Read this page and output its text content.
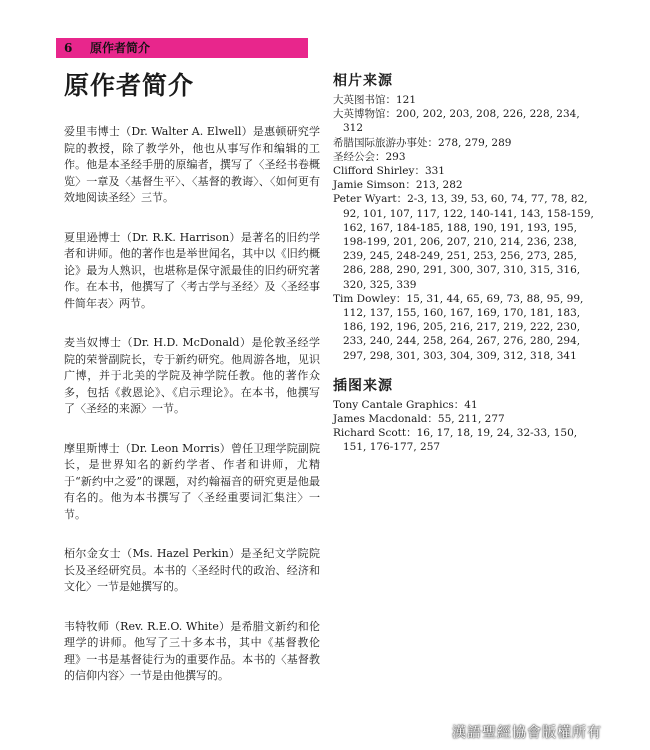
6 原作者简介
原作者简介

爱里韦博士（Dr. Walter A. Elwell）是惠顿研究学院的教授，除了教学外，他也从事写作和编辑的工作。他是本圣经手册的原编者，撰写了〈圣经书卷概览〉一章及〈基督生平〉、〈基督的教诲〉、〈如何更有效地阅读圣经〉三节。

夏里逊博士（Dr. R.K. Harrison）是著名的旧约学者和讲师。他的著作也是举世闻名，其中以《旧约概论》最为人熟识，也堪称是保守派最佳的旧约研究著作。在本书，他撰写了〈考古学与圣经〉及〈圣经事件简年表〉两节。

麦当奴博士（Dr. H.D. McDonald）是伦敦圣经学院的荣誉副院长，专于新约研究。他周游各地，见识广博，并于北美的学院及神学院任教。他的著作众多，包括《救恩论》、《启示理论》。在本书，他撰写了〈圣经的来源〉一节。

摩里斯博士（Dr. Leon Morris）曾任卫理学院副院长，是世界知名的新约学者、作者和讲师，尤精于“新约中之爱”的课题，对约翰福音的研究更是他最有名的。他为本书撰写了〈圣经重要词汇集注〉一节。

栢尔金女士（Ms. Hazel Perkin）是圣纪文学院院长及圣经研究员。本书的〈圣经时代的政治、经济和文化〉一节是她撰写的。

韦特牧师（Rev. R.E.O. White）是希腊文新约和伦理学的讲师。他写了三十多本书，其中《基督教伦理》一书是基督徒行为的重要作品。本书的〈基督教的信仰内容〉一节是由他撰写的。

相片来源

大英图书馆：121

大英博物馆：200, 202, 203, 208, 226, 228, 234, 312

希腊国际旅游办事处：278, 279, 289

圣经公会：293

Clifford Shirley：331

Jamie Simson：213, 282

Peter Wyart：2-3, 13, 39, 53, 60, 74, 77, 78, 82, 92, 101, 107, 117, 122, 140-141, 143, 158-159, 162, 167, 184-185, 188, 190, 191, 193, 195, 198-199, 201, 206, 207, 210, 214, 236, 238, 239, 245, 248-249, 251, 253, 256, 273, 285, 286, 288, 290, 291, 300, 307, 310, 315, 316, 320, 325, 339

Tim Dowley：15, 31, 44, 65, 69, 73, 88, 95, 99, 112, 137, 155, 160, 167, 169, 170, 181, 183, 186, 192, 196, 205, 216, 217, 219, 222, 230, 233, 240, 244, 258, 264, 267, 276, 280, 294, 297, 298, 301, 303, 304, 309, 312, 318, 341

插图来源

Tony Cantale Graphics：41

James Macdonald：55, 211, 277

Richard Scott：16, 17, 18, 19, 24, 32-33, 150, 151, 176-177, 257

漢語聖經協會版權所有
